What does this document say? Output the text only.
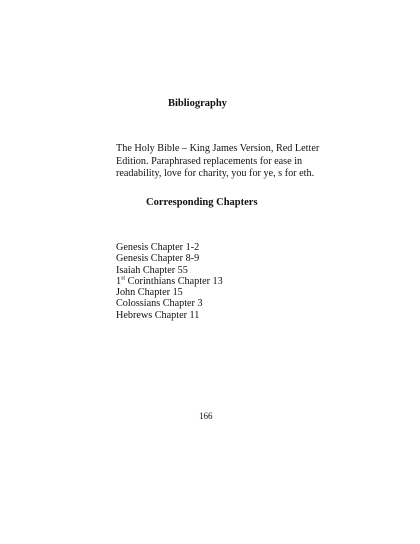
Bibliography
The Holy Bible – King James Version, Red Letter
Edition. Paraphrased replacements for ease in
readability, love for charity, you for ye, s for eth.
Corresponding Chapters
Genesis Chapter 1-2
Genesis Chapter 8-9
Isaiah Chapter 55
1st Corinthians Chapter 13
John Chapter 15
Colossians Chapter 3
Hebrews Chapter 11
166
